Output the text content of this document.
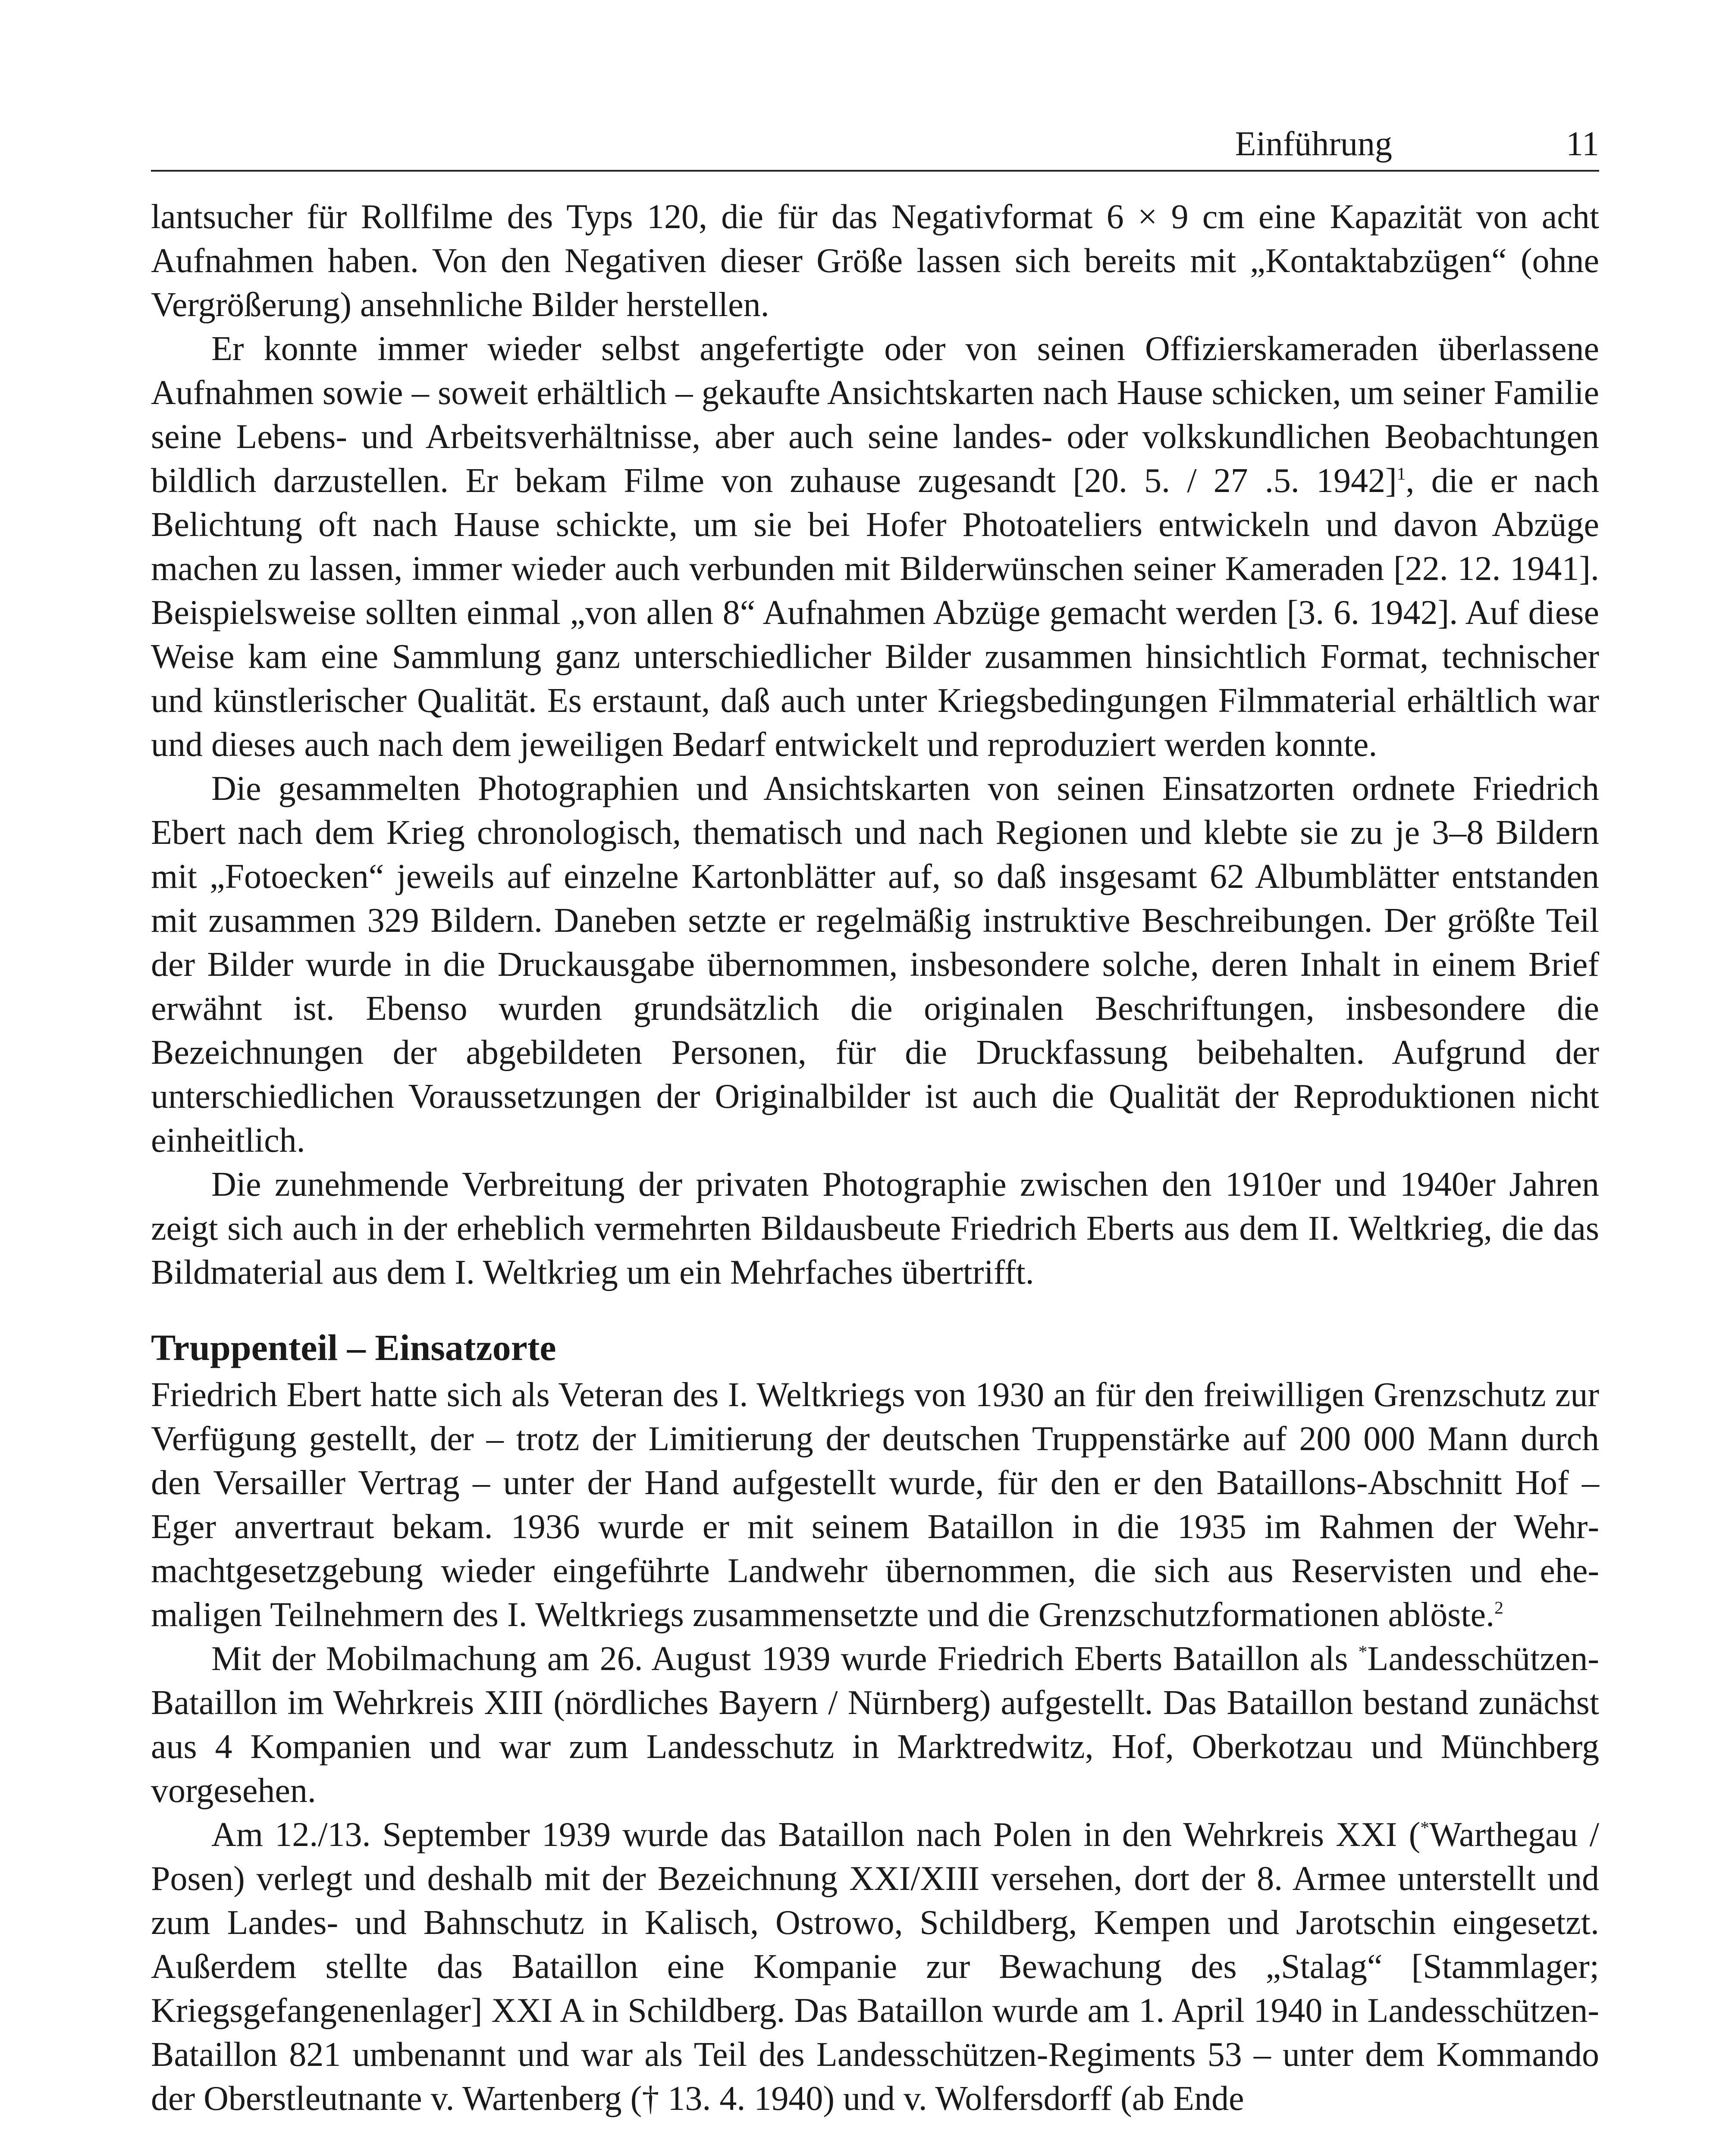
Einführung	11

lantsucher für Rollfilme des Typs 120, die für das Negativformat 6 × 9 cm eine Kapazität von acht Aufnahmen haben. Von den Negativen dieser Größe lassen sich bereits mit „Kontaktabzügen“ (ohne Vergrößerung) ansehnliche Bilder herstellen.

Er konnte immer wieder selbst angefertigte oder von seinen Offizierskameraden überlassene Aufnahmen sowie – soweit erhältlich – gekaufte Ansichtskarten nach Hause schicken, um seiner Familie seine Lebens- und Arbeitsverhältnisse, aber auch seine landes- oder volkskundlichen Beobachtungen bildlich darzustellen. Er bekam Filme von zuhause zugesandt [20. 5. / 27 .5. 1942]$^1$, die er nach Belichtung oft nach Hause schickte, um sie bei Hofer Photoateliers entwickeln und davon Abzüge machen zu lassen, immer wieder auch verbunden mit Bilderwünschen seiner Kameraden [22. 12. 1941]. Beispielsweise sollten einmal „von allen 8“ Aufnahmen Abzüge gemacht werden [3. 6. 1942]. Auf diese Weise kam eine Sammlung ganz unterschiedlicher Bilder zusammen hinsichtlich Format, technischer und künstlerischer Qualität. Es erstaunt, daß auch unter Kriegsbedingungen Filmmaterial erhältlich war und dieses auch nach dem jeweiligen Bedarf entwickelt und reproduziert werden konnte.

Die gesammelten Photographien und Ansichtskarten von seinen Einsatzorten ordnete Friedrich Ebert nach dem Krieg chronologisch, thematisch und nach Regionen und klebte sie zu je 3–8 Bildern mit „Fotoecken“ jeweils auf einzelne Kartonblätter auf, so daß insgesamt 62 Albumblätter entstanden mit zusammen 329 Bildern. Daneben setzte er regelmäßig instruktive Beschreibungen. Der größte Teil der Bilder wurde in die Druckausgabe übernommen, insbesondere solche, deren Inhalt in einem Brief erwähnt ist. Ebenso wurden grundsätzlich die originalen Beschriftungen, insbesondere die Bezeichnungen der abgebildeten Personen, für die Druckfassung beibehalten. Aufgrund der unterschiedlichen Voraussetzungen der Originalbilder ist auch die Qualität der Reproduktionen nicht einheitlich.

Die zunehmende Verbreitung der privaten Photographie zwischen den 1910er und 1940er Jahren zeigt sich auch in der erheblich vermehrten Bildausbeute Friedrich Eberts aus dem II. Weltkrieg, die das Bildmaterial aus dem I. Weltkrieg um ein Mehrfaches übertrifft.

Truppenteil – Einsatzorte

Friedrich Ebert hatte sich als Veteran des I. Weltkriegs von 1930 an für den freiwilligen Grenzschutz zur Verfügung gestellt, der – trotz der Limitierung der deutschen Truppenstärke auf 200 000 Mann durch den Versailler Vertrag – unter der Hand aufgestellt wurde, für den er den Bataillons-Abschnitt Hof – Eger anvertraut bekam. 1936 wurde er mit seinem Bataillon in die 1935 im Rahmen der Wehrmachtgesetzgebung wieder eingeführte Landwehr übernommen, die sich aus Reservisten und ehemaligen Teilnehmern des I. Weltkriegs zusammensetzte und die Grenzschutzformationen ablöste.$^2$

Mit der Mobilmachung am 26. August 1939 wurde Friedrich Eberts Bataillon als *Landesschützen-Bataillon im Wehrkreis XIII (nördliches Bayern / Nürnberg) aufgestellt. Das Bataillon bestand zunächst aus 4 Kompanien und war zum Landesschutz in Marktredwitz, Hof, Oberkotzau und Münchberg vorgesehen.

Am 12./13. September 1939 wurde das Bataillon nach Polen in den Wehrkreis XXI (*Warthegau / Posen) verlegt und deshalb mit der Bezeichnung XXI/XIII versehen, dort der 8. Armee unterstellt und zum Landes- und Bahnschutz in Kalisch, Ostrowo, Schildberg, Kempen und Jarotschin eingesetzt. Außerdem stellte das Bataillon eine Kompanie zur Bewachung des „Stalag“ [Stammlager; Kriegsgefangenenlager] XXI A in Schildberg. Das Bataillon wurde am 1. April 1940 in Landesschützen-Bataillon 821 umbenannt und war als Teil des Landesschützen-Regiments 53 – unter dem Kommando der Oberstleutnante v. Wartenberg († 13. 4. 1940) und v. Wolfersdorff (ab Ende
